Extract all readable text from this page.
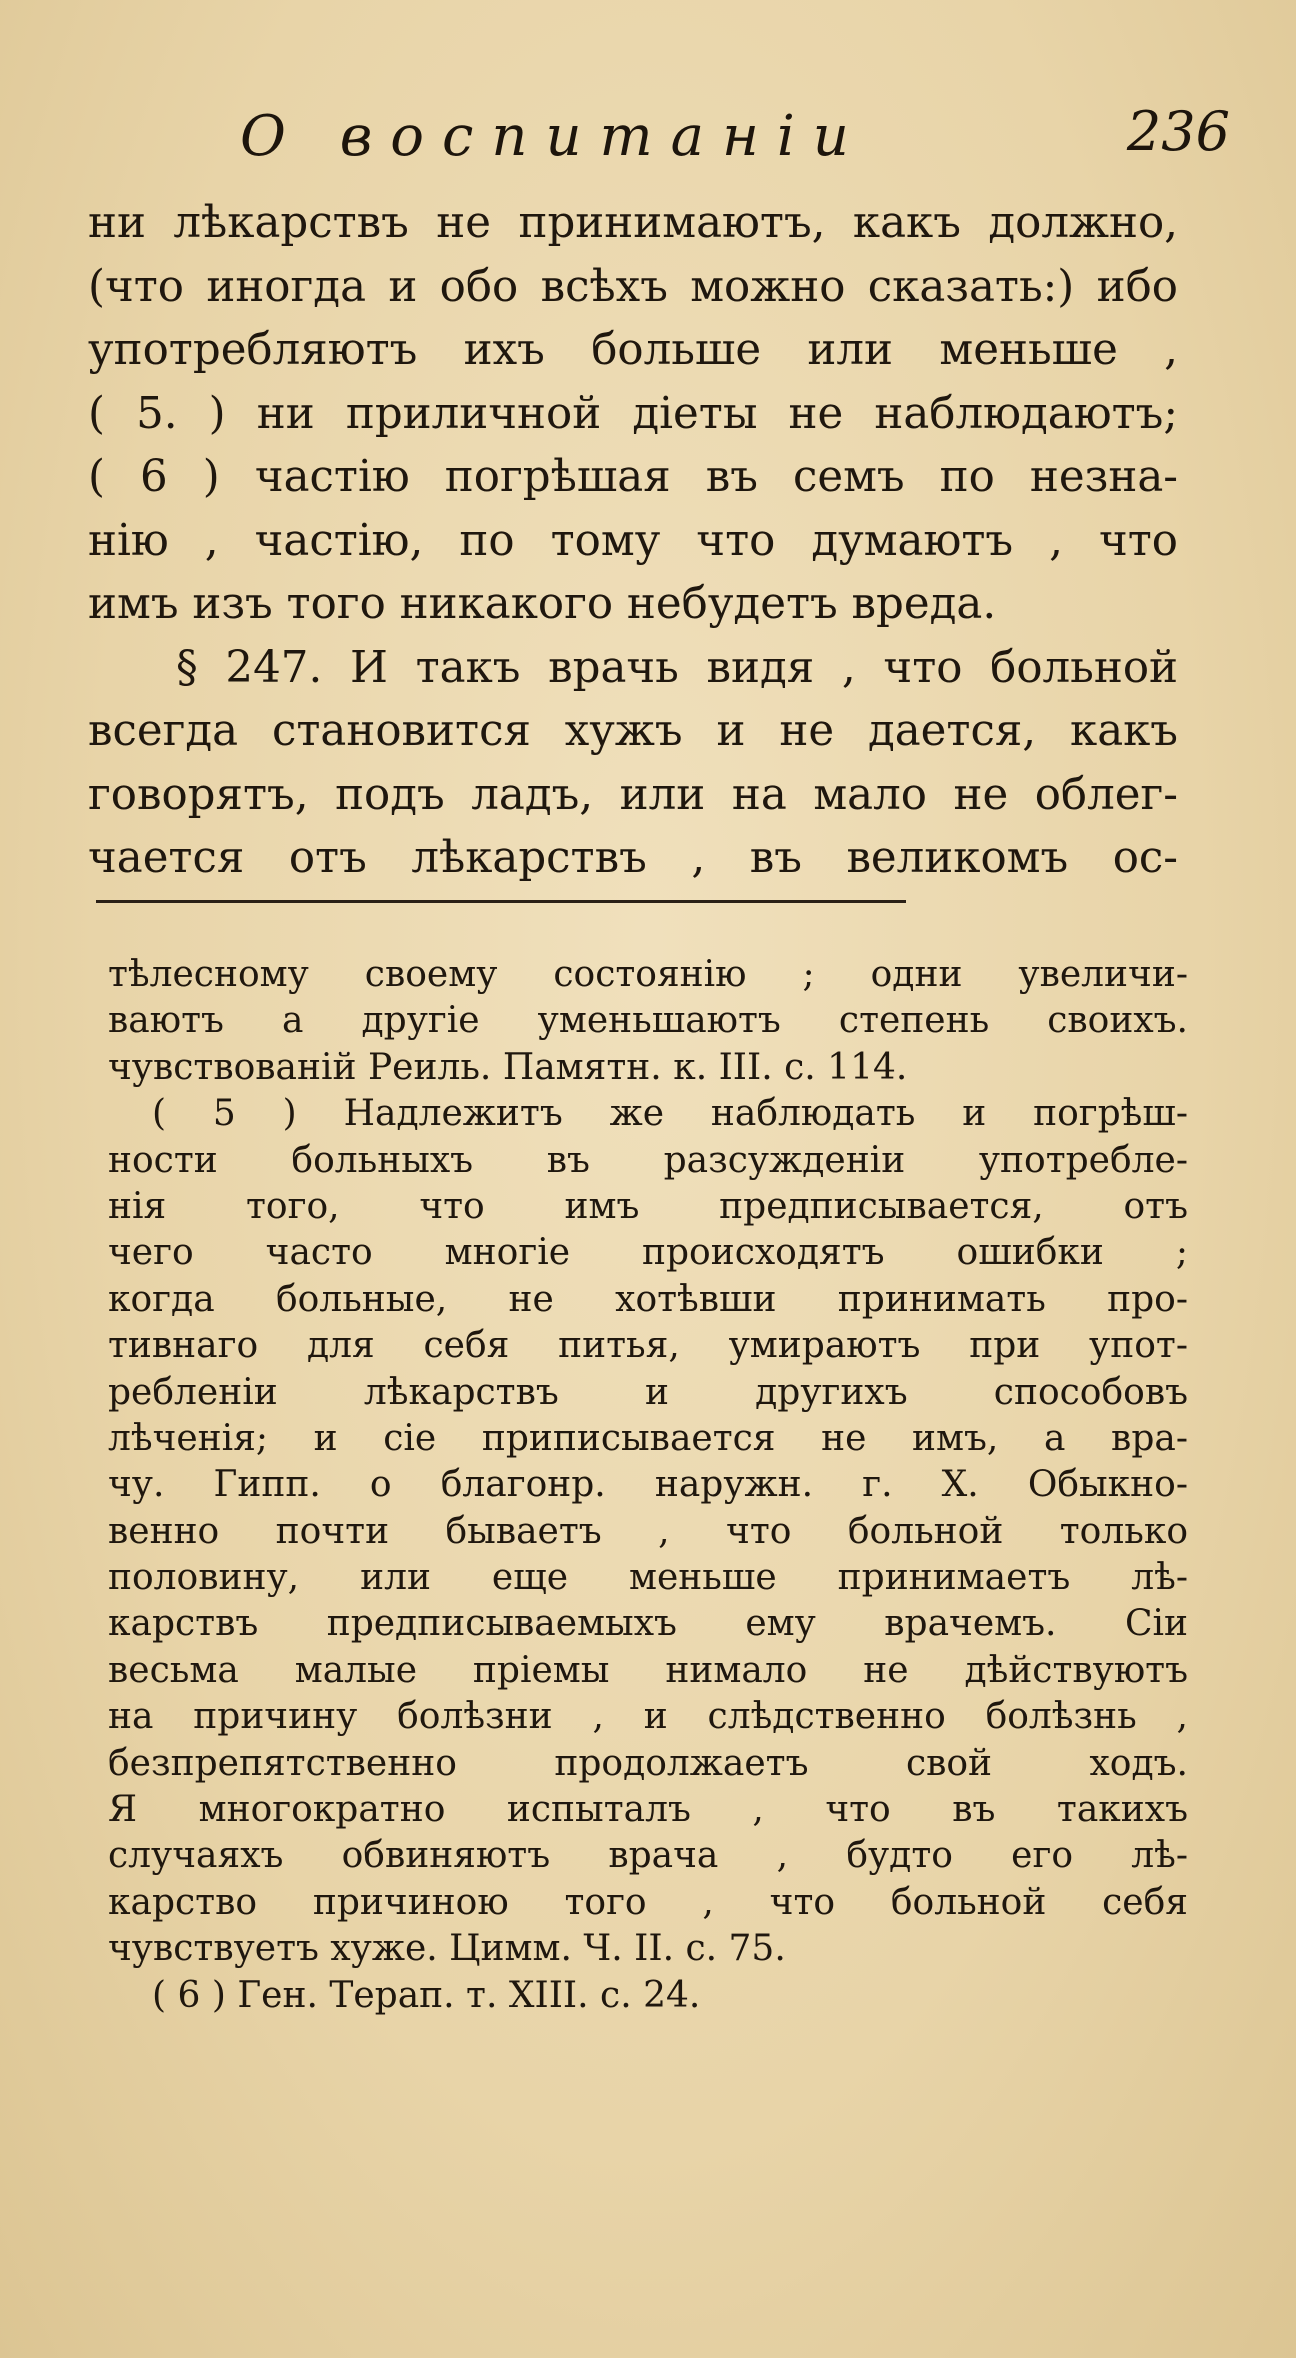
О воспитанiи	236
ни лѣкарствъ не принимаютъ, какъ должно,
(что иногда и обо всѣхъ можно сказать:) ибо
употребляютъ ихъ больше или меньше ,
( 5. ) ни приличной дiеты не наблюдаютъ;
( 6 ) частiю погрѣшая въ семъ по незна-
нiю , частiю, по тому что думаютъ , что
имъ изъ того никакого небудетъ вреда.
§ 247. И такъ врачь видя , что больной
всегда становится хужъ и не дается, какъ
говорятъ, подъ ладъ, или на мало не облег-
чается отъ лѣкарствъ , въ великомъ ос-
тѣлесному своему состоянiю ; одни увеличи-
ваютъ а другiе уменьшаютъ степень своихъ.
чувствованiй Реиль. Памятн. к. III. с. 114.
( 5 ) Надлежитъ же наблюдать и погрѣш-
ности больныхъ въ разсужденiи употребле-
нiя того, что имъ предписывается, отъ
чего часто многiе происходятъ ошибки ;
когда больные, не хотѣвши принимать про-
тивнаго для себя питья, умираютъ при упот-
ребленiи лѣкарствъ и другихъ способовъ
лѣченiя; и сiе приписывается не имъ, а вра-
чу. Гипп. о благонр. наружн. г. X. Обыкно-
венно почти бываетъ , что больной только
половину, или еще меньше принимаетъ лѣ-
карствъ предписываемыхъ ему врачемъ. Сiи
весьма малые прiемы нимало не дѣйствуютъ
на причину болѣзни , и слѣдственно болѣзнь ,
безпрепятственно продолжаетъ свой ходъ.
Я многократно испыталъ , что въ такихъ
случаяхъ обвиняютъ врача , будто его лѣ-
карство причиною того , что больной себя
чувствуетъ хуже. Цимм. Ч. II. с. 75.
( 6 ) Ген. Терап. т. XIII. с. 24.
